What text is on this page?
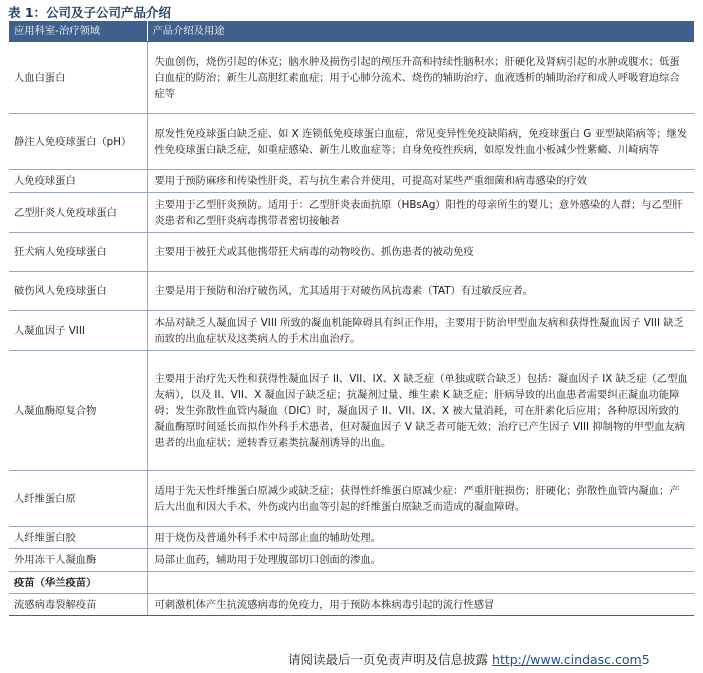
表 1：公司及子公司产品介绍
应用科室-治疗领域	产品介绍及用途
人血白蛋白	失血创伤，烧伤引起的休克；脑水肿及损伤引起的颅压升高和持续性脑积水；肝硬化及肾病引起的水肿或腹水；低蛋白血症的防治；新生儿高胆红素血症；用于心肺分流术、烧伤的辅助治疗、血液透析的辅助治疗和成人呼吸窘迫综合症等
静注人免疫球蛋白（pH）	原发性免疫球蛋白缺乏症、如 X 连锁低免疫球蛋白血症，常见变异性免疫缺陷病，免疫球蛋白 G 亚型缺陷病等；继发性免疫球蛋白缺乏症，如重症感染、新生儿败血症等；自身免疫性疾病，如原发性血小板减少性紫癜、川崎病等
人免疫球蛋白	要用于预防麻疹和传染性肝炎，若与抗生素合并使用，可提高对某些严重细菌和病毒感染的疗效
乙型肝炎人免疫球蛋白	主要用于乙型肝炎预防。适用于：乙型肝炎表面抗原（HBsAg）阳性的母亲所生的婴儿；意外感染的人群；与乙型肝炎患者和乙型肝炎病毒携带者密切接触者
狂犬病人免疫球蛋白	主要用于被狂犬或其他携带狂犬病毒的动物咬伤、抓伤患者的被动免疫
破伤风人免疫球蛋白	主要是用于预防和治疗破伤风，尤其适用于对破伤风抗毒素（TAT）有过敏反应者。
人凝血因子 VIII	本品对缺乏人凝血因子 VIII 所致的凝血机能障碍具有纠正作用，主要用于防治甲型血友病和获得性凝血因子 VIII 缺乏而致的出血症状及这类病人的手术出血治疗。
人凝血酶原复合物	主要用于治疗先天性和获得性凝血因子 II、VII、IX、X 缺乏症（单独或联合缺乏）包括：凝血因子 IX 缺乏症（乙型血友病），以及 II、VII、X 凝血因子缺乏症；抗凝剂过量、维生素 K 缺乏症；肝病导致的出血患者需要纠正凝血功能障碍；发生弥散性血管内凝血（DIC）时，凝血因子 II、VII、IX、X 被大量消耗，可在肝素化后应用；各种原因所致的凝血酶原时间延长而拟作外科手术患者，但对凝血因子 V 缺乏者可能无效；治疗已产生因子 VIII 抑制物的甲型血友病患者的出血症状；逆转香豆素类抗凝剂诱导的出血。
人纤维蛋白原	适用于先天性纤维蛋白原减少或缺乏症；获得性纤维蛋白原减少症：严重肝脏损伤；肝硬化；弥散性血管内凝血；产后大出血和因大手术、外伤或内出血等引起的纤维蛋白原缺乏而造成的凝血障碍。
人纤维蛋白胶	用于烧伤及普通外科手术中局部止血的辅助处理。
外用冻干人凝血酶	局部止血药，辅助用于处理腹部切口创面的渗血。
疫苗（华兰疫苗）	
流感病毒裂解疫苗	可刺激机体产生抗流感病毒的免疫力，用于预防本株病毒引起的流行性感冒
请阅读最后一页免责声明及信息披露 http://www.cindasc.com5
